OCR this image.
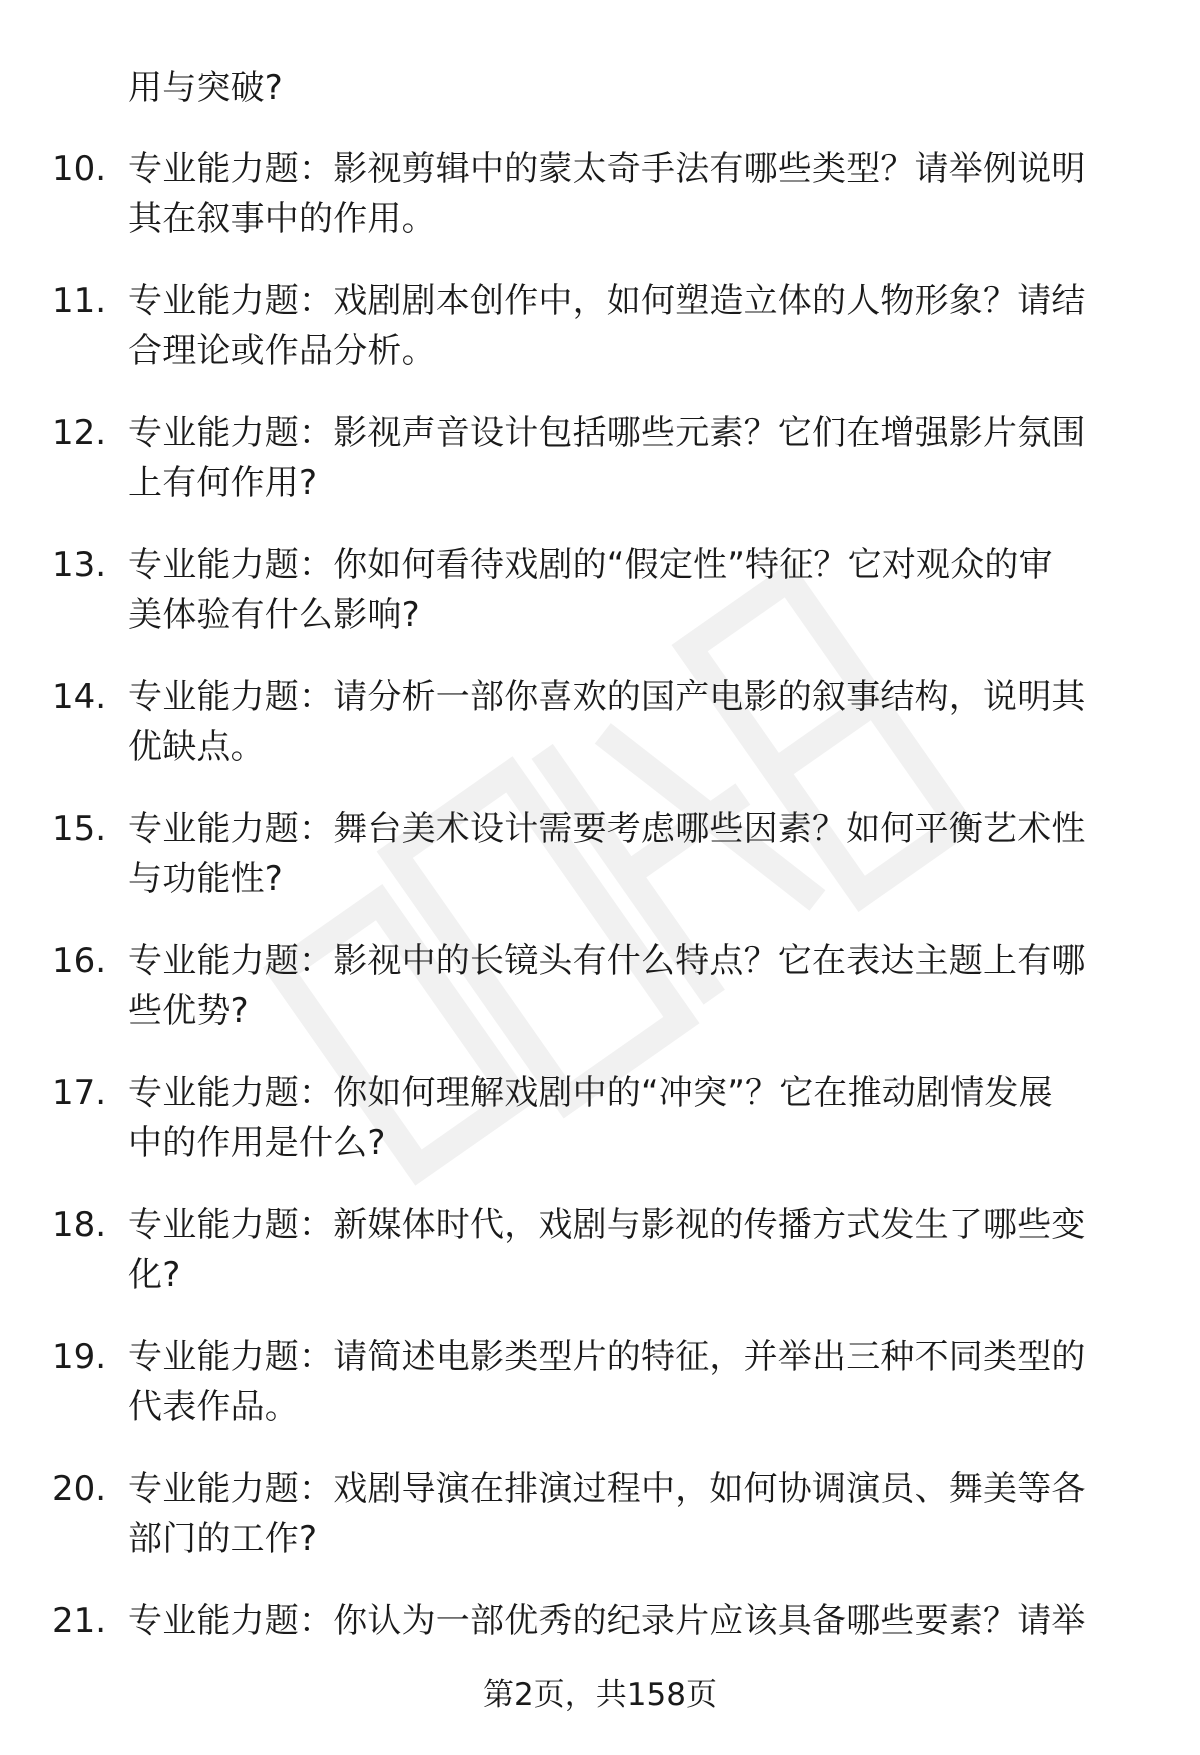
用与突破?
10. 专业能力题：影视剪辑中的蒙太奇手法有哪些类型？请举例说明
其在叙事中的作用。
11. 专业能力题：戏剧剧本创作中，如何塑造立体的人物形象？请结
合理论或作品分析。
12. 专业能力题：影视声音设计包括哪些元素？它们在增强影片氛围
上有何作用?
13. 专业能力题：你如何看待戏剧的“假定性”特征？它对观众的审
美体验有什么影响?
14. 专业能力题：请分析一部你喜欢的国产电影的叙事结构，说明其
优缺点。
15. 专业能力题：舞台美术设计需要考虑哪些因素？如何平衡艺术性
与功能性?
16. 专业能力题：影视中的长镜头有什么特点？它在表达主题上有哪
些优势?
17. 专业能力题：你如何理解戏剧中的“冲突”？它在推动剧情发展
中的作用是什么?
18. 专业能力题：新媒体时代，戏剧与影视的传播方式发生了哪些变
化?
19. 专业能力题：请简述电影类型片的特征，并举出三种不同类型的
代表作品。
20. 专业能力题：戏剧导演在排演过程中，如何协调演员、舞美等各
部门的工作?
21. 专业能力题：你认为一部优秀的纪录片应该具备哪些要素？请举
第2页，共158页
